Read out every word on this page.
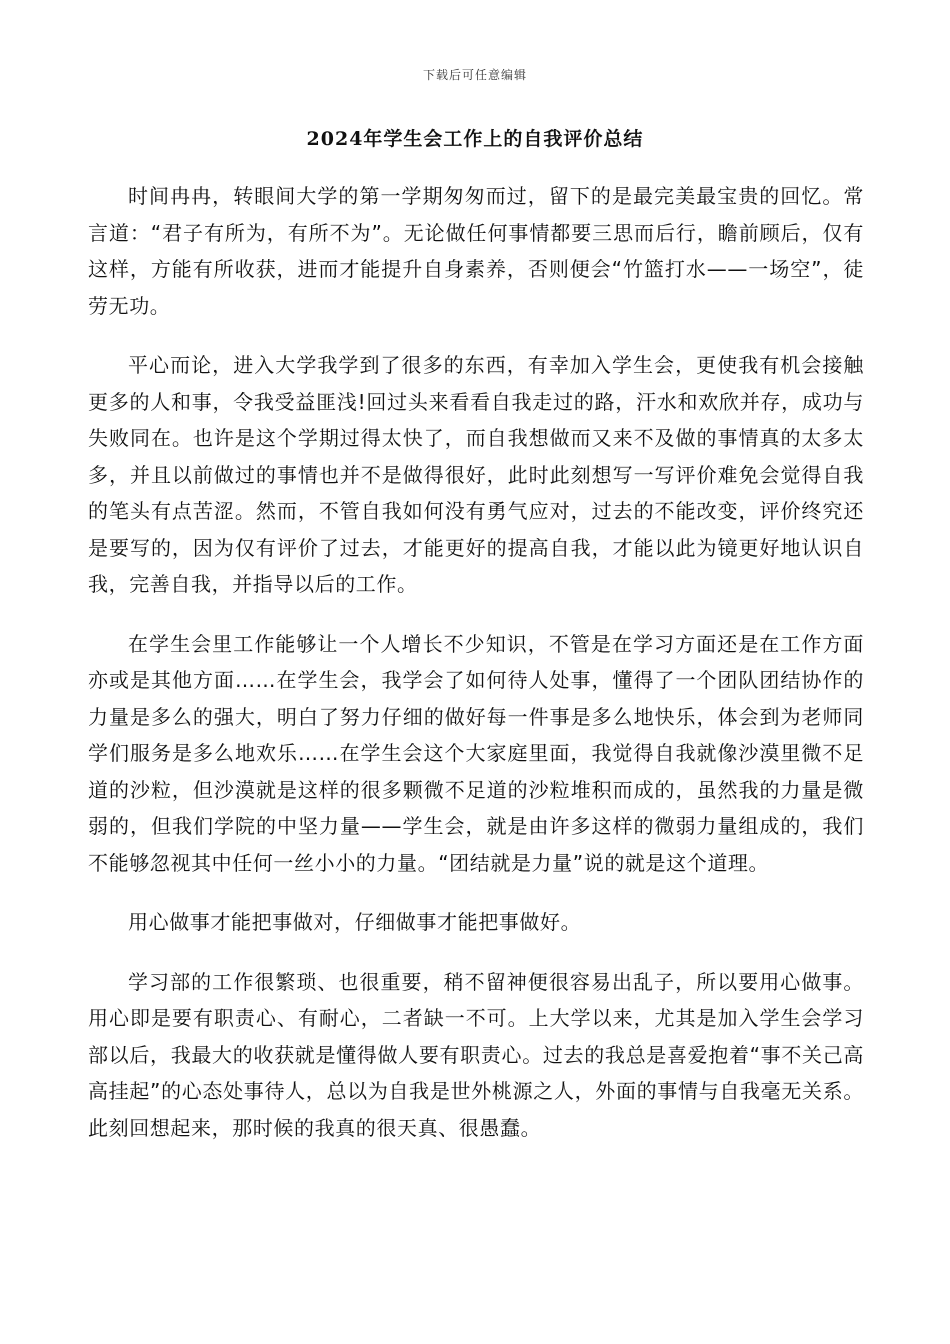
下载后可任意编辑
2024年学生会工作上的自我评价总结

时间冉冉，转眼间大学的第一学期匆匆而过，留下的是最完美最宝贵的回忆。常言道：“君子有所为，有所不为”。无论做任何事情都要三思而后行，瞻前顾后，仅有这样，方能有所收获，进而才能提升自身素养，否则便会“竹篮打水——一场空”，徒劳无功。

平心而论，进入大学我学到了很多的东西，有幸加入学生会，更使我有机会接触更多的人和事，令我受益匪浅!回过头来看看自我走过的路，汗水和欢欣并存，成功与失败同在。也许是这个学期过得太快了，而自我想做而又来不及做的事情真的太多太多，并且以前做过的事情也并不是做得很好，此时此刻想写一写评价难免会觉得自我的笔头有点苦涩。然而，不管自我如何没有勇气应对，过去的不能改变，评价终究还是要写的，因为仅有评价了过去，才能更好的提高自我，才能以此为镜更好地认识自我，完善自我，并指导以后的工作。

在学生会里工作能够让一个人增长不少知识，不管是在学习方面还是在工作方面亦或是其他方面……在学生会，我学会了如何待人处事，懂得了一个团队团结协作的力量是多么的强大，明白了努力仔细的做好每一件事是多么地快乐，体会到为老师同学们服务是多么地欢乐……在学生会这个大家庭里面，我觉得自我就像沙漠里微不足道的沙粒，但沙漠就是这样的很多颗微不足道的沙粒堆积而成的，虽然我的力量是微弱的，但我们学院的中坚力量——学生会，就是由许多这样的微弱力量组成的，我们不能够忽视其中任何一丝小小的力量。“团结就是力量”说的就是这个道理。

用心做事才能把事做对，仔细做事才能把事做好。

学习部的工作很繁琐、也很重要，稍不留神便很容易出乱子，所以要用心做事。用心即是要有职责心、有耐心，二者缺一不可。上大学以来，尤其是加入学生会学习部以后，我最大的收获就是懂得做人要有职责心。过去的我总是喜爱抱着“事不关己高高挂起”的心态处事待人，总以为自我是世外桃源之人，外面的事情与自我毫无关系。此刻回想起来，那时候的我真的很天真、很愚蠢。
